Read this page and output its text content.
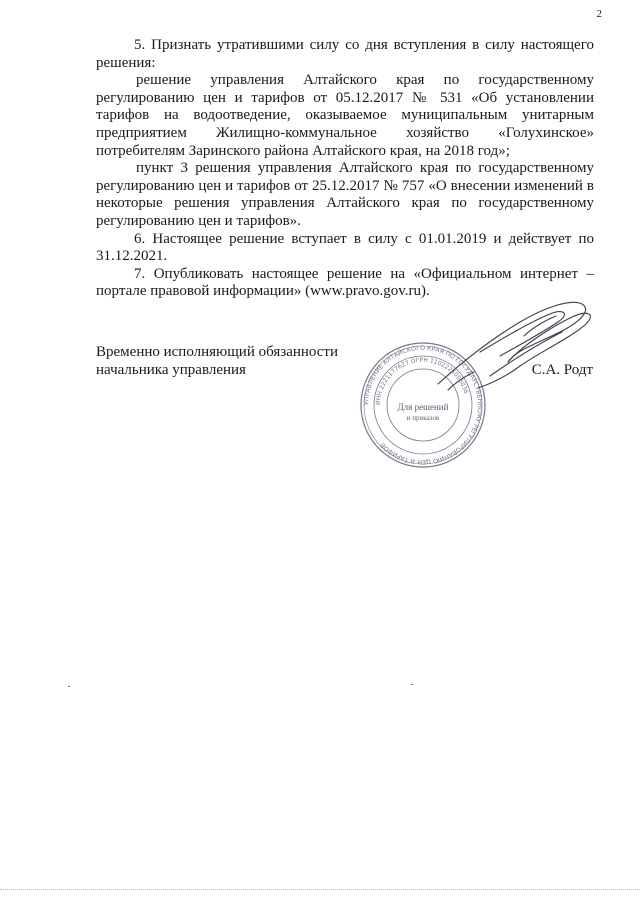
2

5. Признать утратившими силу со дня вступления в силу настоящего решения:

решение управления Алтайского края по государственному регулированию цен и тарифов от 05.12.2017 № 531 «Об установлении тарифов на водоотведение, оказываемое муниципальным унитарным предприятием Жилищно-коммунальное хозяйство «Голухинское» потребителям Заринского района Алтайского края, на 2018 год»;

пункт 3 решения управления Алтайского края по государственному регулированию цен и тарифов от 25.12.2017 № 757 «О внесении изменений в некоторые решения управления Алтайского края по государственному регулированию цен и тарифов».

6. Настоящее решение вступает в силу с 01.01.2019 и действует по 31.12.2021.

7. Опубликовать настоящее решение на «Официальном интернет – портале правовой информации» (www.pravo.gov.ru).

Временно исполняющий обязанности
начальника управления
УПРАВЛЕНИЕ АЛТАЙСКОГО КРАЯ ПО ГОСУДАРСТВЕННОМУ РЕГУЛИРОВАНИЮ ЦЕН И ТАРИФОВ
ИНН 2221177627 ОГРН 1102225005036
Для решений
и приказов
С.А. Родт
